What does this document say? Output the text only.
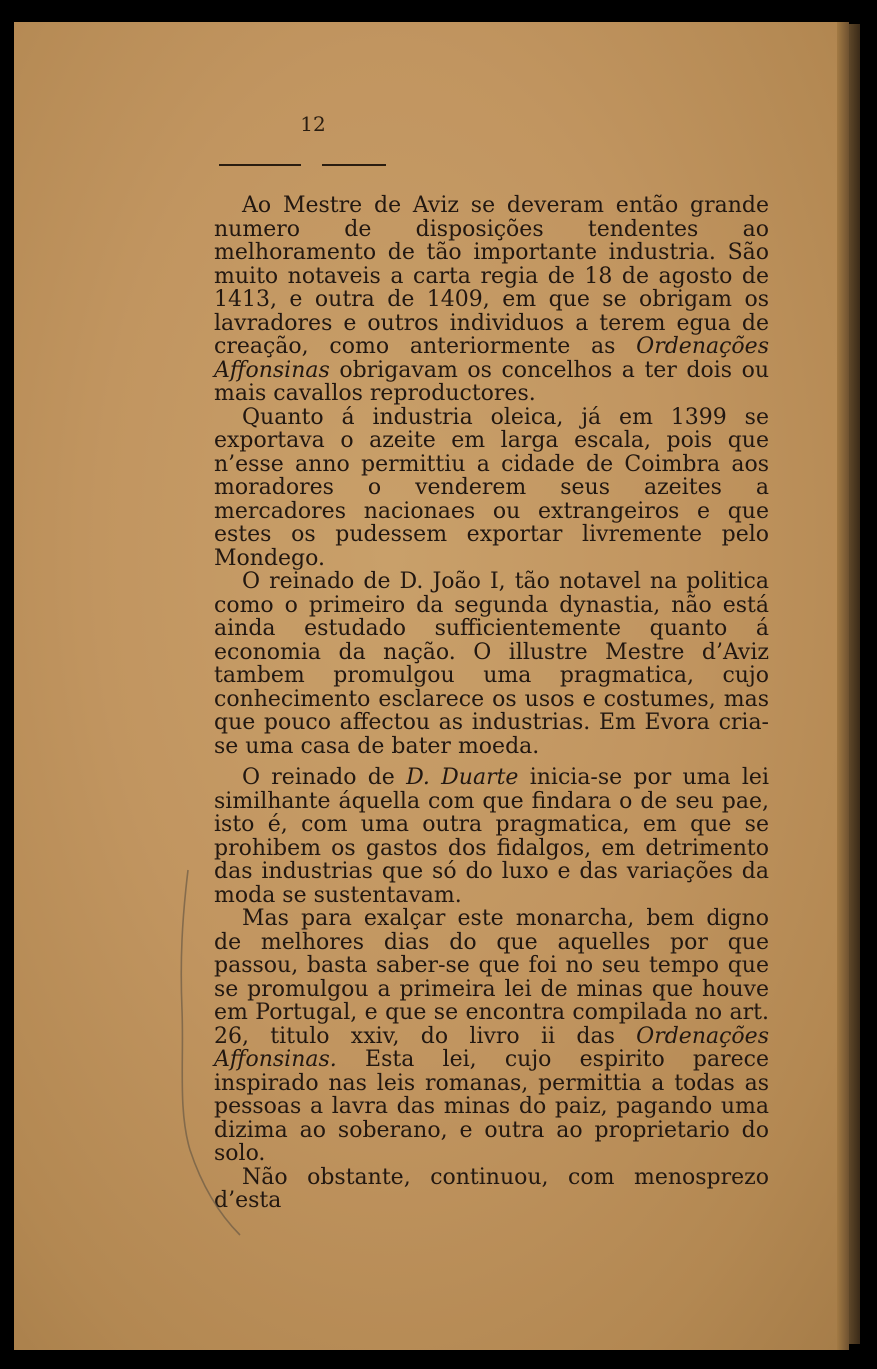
12

Ao Mestre de Aviz se deveram então grande numero de disposições tendentes ao melhoramento de tão importante industria. São muito notaveis a carta regia de 18 de agosto de 1413, e outra de 1409, em que se obrigam os lavradores e outros individuos a terem egua de creação, como anteriormente as Ordenações Affonsinas obrigavam os concelhos a ter dois ou mais cavallos reproductores.

Quanto á industria oleica, já em 1399 se exportava o azeite em larga escala, pois que n’esse anno permittiu a cidade de Coimbra aos moradores o venderem seus azeites a mercadores nacionaes ou extrangeiros e que estes os pudessem exportar livremente pelo Mondego.

O reinado de D. João I, tão notavel na politica como o primeiro da segunda dynastia, não está ainda estudado sufficientemente quanto á economia da nação. O illustre Mestre d’Aviz tambem promulgou uma pragmatica, cujo conhecimento esclarece os usos e costumes, mas que pouco affectou as industrias. Em Evora cria-se uma casa de bater moeda.

O reinado de D. Duarte inicia-se por uma lei similhante áquella com que findara o de seu pae, isto é, com uma outra pragmatica, em que se prohibem os gastos dos fidalgos, em detrimento das industrias que só do luxo e das variações da moda se sustentavam.

Mas para exalçar este monarcha, bem digno de melhores dias do que aquelles por que passou, basta saber-se que foi no seu tempo que se promulgou a primeira lei de minas que houve em Portugal, e que se encontra compilada no art. 26, titulo xxiv, do livro ii das Ordenações Affonsinas. Esta lei, cujo espirito parece inspirado nas leis romanas, permittia a todas as pessoas a lavra das minas do paiz, pagando uma dizima ao soberano, e outra ao proprietario do solo.

Não obstante, continuou, com menosprezo d’esta
